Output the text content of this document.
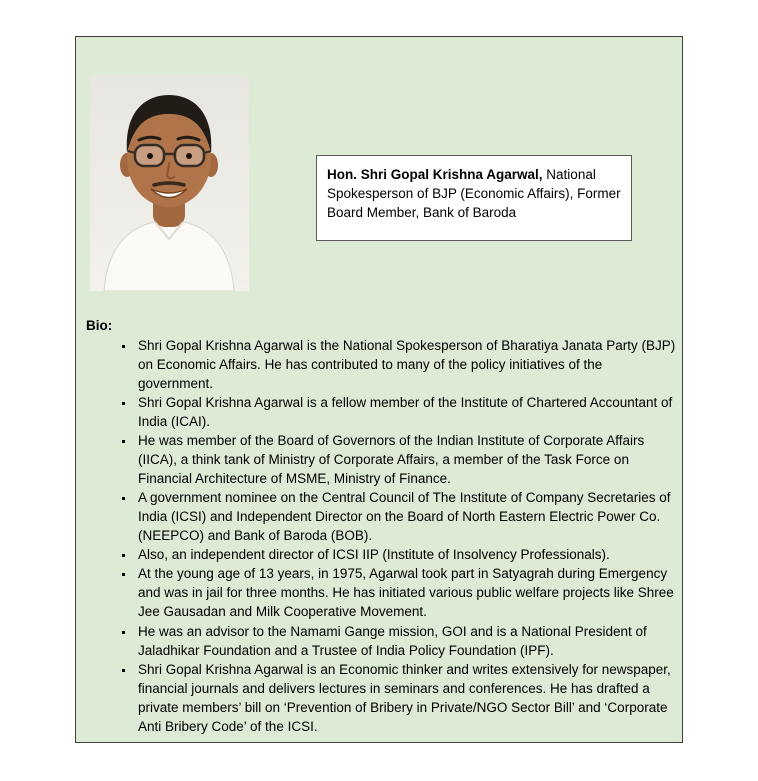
Hon. Shri Gopal Krishna Agarwal, National Spokesperson of BJP (Economic Affairs), Former Board Member, Bank of Baroda
Bio:
▪ Shri Gopal Krishna Agarwal is the National Spokesperson of Bharatiya Janata Party (BJP) on Economic Affairs. He has contributed to many of the policy initiatives of the government.
▪ Shri Gopal Krishna Agarwal is a fellow member of the Institute of Chartered Accountant of India (ICAI).
▪ He was member of the Board of Governors of the Indian Institute of Corporate Affairs (IICA), a think tank of Ministry of Corporate Affairs, a member of the Task Force on Financial Architecture of MSME, Ministry of Finance.
▪ A government nominee on the Central Council of The Institute of Company Secretaries of India (ICSI) and Independent Director on the Board of North Eastern Electric Power Co. (NEEPCO) and Bank of Baroda (BOB).
▪ Also, an independent director of ICSI IIP (Institute of Insolvency Professionals).
▪ At the young age of 13 years, in 1975, Agarwal took part in Satyagrah during Emergency and was in jail for three months. He has initiated various public welfare projects like Shree Jee Gausadan and Milk Cooperative Movement.
▪ He was an advisor to the Namami Gange mission, GOI and is a National President of Jaladhikar Foundation and a Trustee of India Policy Foundation (IPF).
▪ Shri Gopal Krishna Agarwal is an Economic thinker and writes extensively for newspaper, financial journals and delivers lectures in seminars and conferences. He has drafted a private members’ bill on ‘Prevention of Bribery in Private/NGO Sector Bill’ and ‘Corporate Anti Bribery Code’ of the ICSI.
